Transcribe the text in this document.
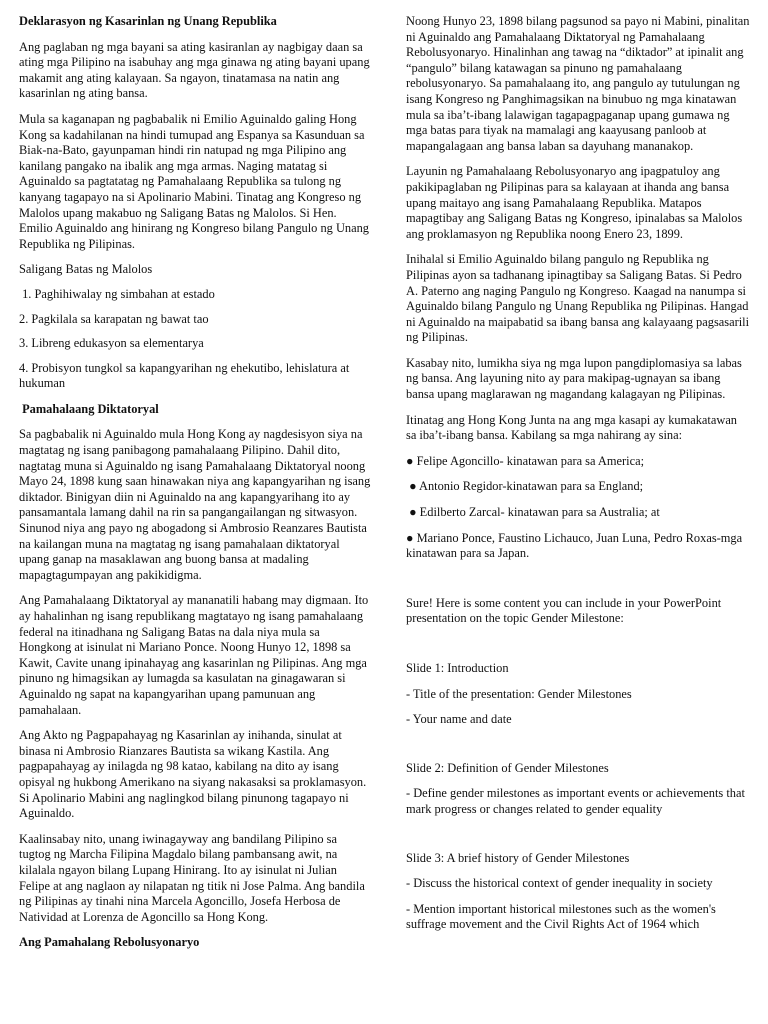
Deklarasyon ng Kasarinlan ng Unang Republika

Ang paglaban ng mga bayani sa ating kasiranlan ay nagbigay daan sa ating mga Pilipino na isabuhay ang mga ginawa ng ating bayani upang makamit ang ating kalayaan. Sa ngayon, tinatamasa na natin ang kasarinlan ng ating bansa.

Mula sa kaganapan ng pagbabalik ni Emilio Aguinaldo galing Hong Kong sa kadahilanan na hindi tumupad ang Espanya sa Kasunduan sa Biak-na-Bato, gayunpaman hindi rin natupad ng mga Pilipino ang kanilang pangako na ibalik ang mga armas. Naging matatag si Aguinaldo sa pagtatatag ng Pamahalaang Republika sa tulong ng kanyang tagapayo na si Apolinario Mabini. Tinatag ang Kongreso ng Malolos upang makabuo ng Saligang Batas ng Malolos. Si Hen. Emilio Aguinaldo ang hinirang ng Kongreso bilang Pangulo ng Unang Republika ng Pilipinas.

Saligang Batas ng Malolos

1. Paghihiwalay ng simbahan at estado

2. Pagkilala sa karapatan ng bawat tao

3. Libreng edukasyon sa elementarya

4. Probisyon tungkol sa kapangyarihan ng ehekutibo, lehislatura at hukuman

Pamahalaang Diktatoryal

Sa pagbabalik ni Aguinaldo mula Hong Kong ay nagdesisyon siya na magtatag ng isang panibagong pamahalaang Pilipino. Dahil dito, nagtatag muna si Aguinaldo ng isang Pamahalaang Diktatoryal noong Mayo 24, 1898 kung saan hinawakan niya ang kapangyarihan ng isang diktador. Binigyan diin ni Aguinaldo na ang kapangyarihang ito ay pansamantala lamang dahil na rin sa pangangailangan ng sitwasyon. Sinunod niya ang payo ng abogadong si Ambrosio Reanzares Bautista na kailangan muna na magtatag ng isang pamahalaan diktatoryal upang ganap na masaklawan ang buong bansa at madaling mapagtagumpayan ang pakikidigma.

Ang Pamahalaang Diktatoryal ay mananatili habang may digmaan. Ito ay hahalinhan ng isang republikang magtatayo ng isang pamahalaang federal na itinadhana ng Saligang Batas na dala niya mula sa Hongkong at isinulat ni Mariano Ponce. Noong Hunyo 12, 1898 sa Kawit, Cavite unang ipinahayag ang kasarinlan ng Pilipinas. Ang mga pinuno ng himagsikan ay lumagda sa kasulatan na ginagawaran si Aguinaldo ng sapat na kapangyarihan upang pamunuan ang pamahalaan.

Ang Akto ng Pagpapahayag ng Kasarinlan ay inihanda, sinulat at binasa ni Ambrosio Rianzares Bautista sa wikang Kastila. Ang pagpapahayag ay inilagda ng 98 katao, kabilang na dito ay isang opisyal ng hukbong Amerikano na siyang nakasaksi sa proklamasyon. Si Apolinario Mabini ang naglingkod bilang pinunong tagapayo ni Aguinaldo.

Kaalinsabay nito, unang iwinagayway ang bandilang Pilipino sa tugtog ng Marcha Filipina Magdalo bilang pambansang awit, na kilalala ngayon bilang Lupang Hinirang. Ito ay isinulat ni Julian Felipe at ang naglaon ay nilapatan ng titik ni Jose Palma. Ang bandila ng Pilipinas ay tinahi nina Marcela Agoncillo, Josefa Herbosa de Natividad at Lorenza de Agoncillo sa Hong Kong.

Ang Pamahalang Rebolusyonaryo

Noong Hunyo 23, 1898 bilang pagsunod sa payo ni Mabini, pinalitan ni Aguinaldo ang Pamahalaang Diktatoryal ng Pamahalaang Rebolusyonaryo. Hinalinhan ang tawag na “diktador” at ipinalit ang “pangulo” bilang katawagan sa pinuno ng pamahalaang rebolusyonaryo. Sa pamahalaang ito, ang pangulo ay tutulungan ng isang Kongreso ng Panghimagsikan na binubuo ng mga kinatawan mula sa iba’t-ibang lalawigan tagapagpaganap upang gumawa ng mga batas para tiyak na mamalagi ang kaayusang panloob at mapangalagaan ang bansa laban sa dayuhang mananakop.

Layunin ng Pamahalaang Rebolusyonaryo ang ipagpatuloy ang pakikipaglaban ng Pilipinas para sa kalayaan at ihanda ang bansa upang maitayo ang isang Pamahalaang Republika. Matapos mapagtibay ang Saligang Batas ng Kongreso, ipinalabas sa Malolos ang proklamasyon ng Republika noong Enero 23, 1899.

Inihalal si Emilio Aguinaldo bilang pangulo ng Republika ng Pilipinas ayon sa tadhanang ipinagtibay sa Saligang Batas. Si Pedro A. Paterno ang naging Pangulo ng Kongreso. Kaagad na nanumpa si Aguinaldo bilang Pangulo ng Unang Republika ng Pilipinas. Hangad ni Aguinaldo na maipabatid sa ibang bansa ang kalayaang pagsasarili ng Pilipinas.

Kasabay nito, lumikha siya ng mga lupon pangdiplomasiya sa labas ng bansa. Ang layuning nito ay para makipag-ugnayan sa ibang bansa upang maglarawan ng magandang kalagayan ng Pilipinas.

Itinatag ang Hong Kong Junta na ang mga kasapi ay kumakatawan sa iba’t-ibang bansa. Kabilang sa mga nahirang ay sina:

● Felipe Agoncillo- kinatawan para sa America;

● Antonio Regidor-kinatawan para sa England;

● Edilberto Zarcal- kinatawan para sa Australia; at

● Mariano Ponce, Faustino Lichauco, Juan Luna, Pedro Roxas-mga kinatawan para sa Japan.

Sure! Here is some content you can include in your PowerPoint presentation on the topic Gender Milestone:

Slide 1: Introduction

- Title of the presentation: Gender Milestones

- Your name and date

Slide 2: Definition of Gender Milestones

- Define gender milestones as important events or achievements that mark progress or changes related to gender equality

Slide 3: A brief history of Gender Milestones

- Discuss the historical context of gender inequality in society

- Mention important historical milestones such as the women's suffrage movement and the Civil Rights Act of 1964 which
